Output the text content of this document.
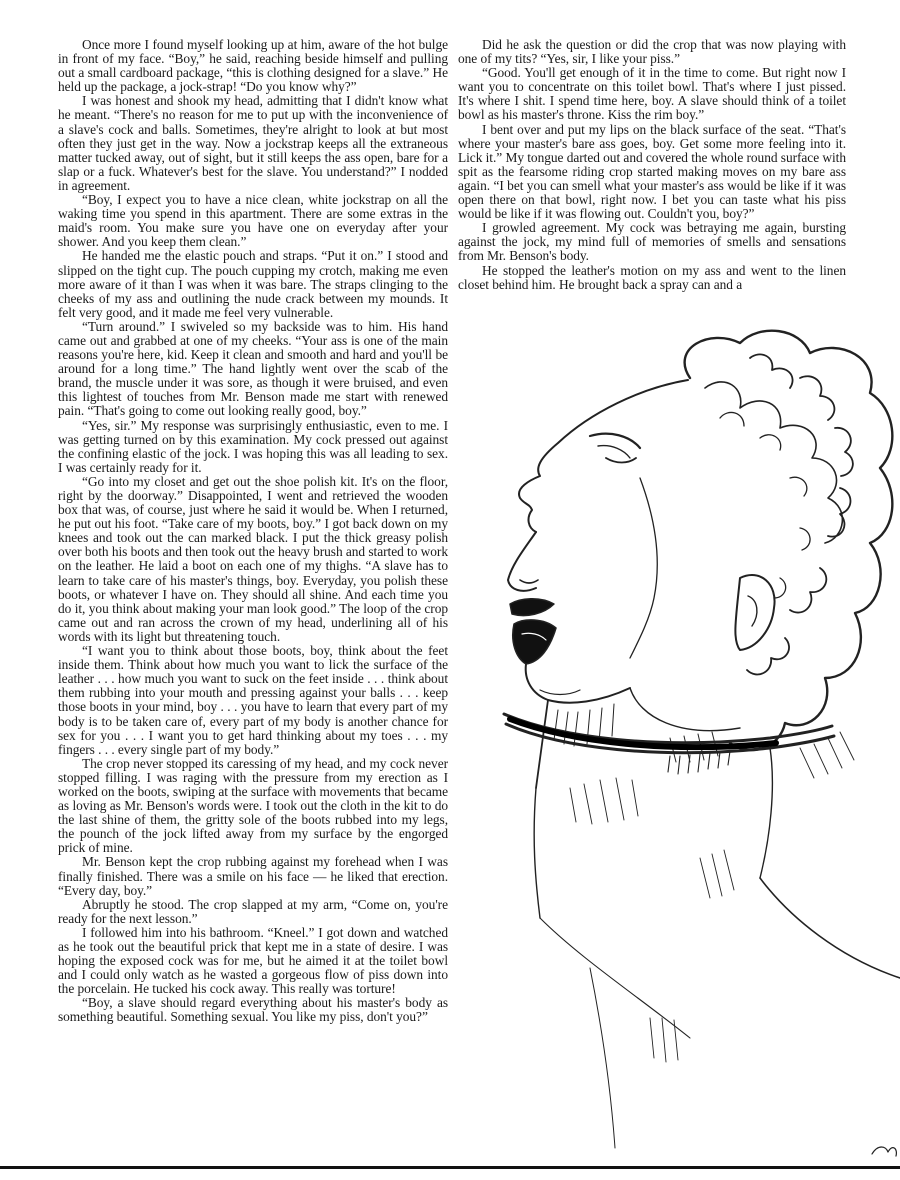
Once more I found myself looking up at him, aware of the hot bulge in front of my face. “Boy,” he said, reaching beside himself and pulling out a small cardboard package, “this is clothing designed for a slave.” He held up the package, a jock-strap! “Do you know why?”

I was honest and shook my head, admitting that I didn't know what he meant. “There's no reason for me to put up with the inconvenience of a slave's cock and balls. Sometimes, they're alright to look at but most often they just get in the way. Now a jockstrap keeps all the extraneous matter tucked away, out of sight, but it still keeps the ass open, bare for a slap or a fuck. Whatever's best for the slave. You understand?” I nodded in agreement.

“Boy, I expect you to have a nice clean, white jockstrap on all the waking time you spend in this apartment. There are some extras in the maid's room. You make sure you have one on everyday after your shower. And you keep them clean.”

He handed me the elastic pouch and straps. “Put it on.” I stood and slipped on the tight cup. The pouch cupping my crotch, making me even more aware of it than I was when it was bare. The straps clinging to the cheeks of my ass and outlining the nude crack between my mounds. It felt very good, and it made me feel very vulnerable.

“Turn around.” I swiveled so my backside was to him. His hand came out and grabbed at one of my cheeks. “Your ass is one of the main reasons you're here, kid. Keep it clean and smooth and hard and you'll be around for a long time.” The hand lightly went over the scab of the brand, the muscle under it was sore, as though it were bruised, and even this lightest of touches from Mr. Benson made me start with renewed pain. “That's going to come out looking really good, boy.”

“Yes, sir.” My response was surprisingly enthusiastic, even to me. I was getting turned on by this examination. My cock pressed out against the confining elastic of the jock. I was hoping this was all leading to sex. I was certainly ready for it.

“Go into my closet and get out the shoe polish kit. It's on the floor, right by the doorway.” Disappointed, I went and retrieved the wooden box that was, of course, just where he said it would be. When I returned, he put out his foot. “Take care of my boots, boy.” I got back down on my knees and took out the can marked black. I put the thick greasy polish over both his boots and then took out the heavy brush and started to work on the leather. He laid a boot on each one of my thighs. “A slave has to learn to take care of his master's things, boy. Everyday, you polish these boots, or whatever I have on. They should all shine. And each time you do it, you think about making your man look good.” The loop of the crop came out and ran across the crown of my head, underlining all of his words with its light but threatening touch.

“I want you to think about those boots, boy, think about the feet inside them. Think about how much you want to lick the surface of the leather . . . how much you want to suck on the feet inside . . . think about them rubbing into your mouth and pressing against your balls . . . keep those boots in your mind, boy . . . you have to learn that every part of my body is to be taken care of, every part of my body is another chance for sex for you . . . I want you to get hard thinking about my toes . . . my fingers . . . every single part of my body.”

The crop never stopped its caressing of my head, and my cock never stopped filling. I was raging with the pressure from my erection as I worked on the boots, swiping at the surface with movements that became as loving as Mr. Benson's words were. I took out the cloth in the kit to do the last shine of them, the gritty sole of the boots rubbed into my legs, the pounch of the jock lifted away from my surface by the engorged prick of mine.

Mr. Benson kept the crop rubbing against my forehead when I was finally finished. There was a smile on his face — he liked that erection. “Every day, boy.”

Abruptly he stood. The crop slapped at my arm, “Come on, you're ready for the next lesson.”

I followed him into his bathroom. “Kneel.” I got down and watched as he took out the beautiful prick that kept me in a state of desire. I was hoping the exposed cock was for me, but he aimed it at the toilet bowl and I could only watch as he wasted a gorgeous flow of piss down into the porcelain. He tucked his cock away. This really was torture!

“Boy, a slave should regard everything about his master's body as something beautiful. Something sexual. You like my piss, don't you?”

Did he ask the question or did the crop that was now playing with one of my tits? “Yes, sir, I like your piss.”

“Good. You'll get enough of it in the time to come. But right now I want you to concentrate on this toilet bowl. That's where I just pissed. It's where I shit. I spend time here, boy. A slave should think of a toilet bowl as his master's throne. Kiss the rim boy.”

I bent over and put my lips on the black surface of the seat. “That's where your master's bare ass goes, boy. Get some more feeling into it. Lick it.” My tongue darted out and covered the whole round surface with spit as the fearsome riding crop started making moves on my bare ass again. “I bet you can smell what your master's ass would be like if it was open there on that bowl, right now. I bet you can taste what his piss would be like if it was flowing out. Couldn't you, boy?”

I growled agreement. My cock was betraying me again, bursting against the jock, my mind full of memories of smells and sensations from Mr. Benson's body.

He stopped the leather's motion on my ass and went to the linen closet behind him. He brought back a spray can and a
